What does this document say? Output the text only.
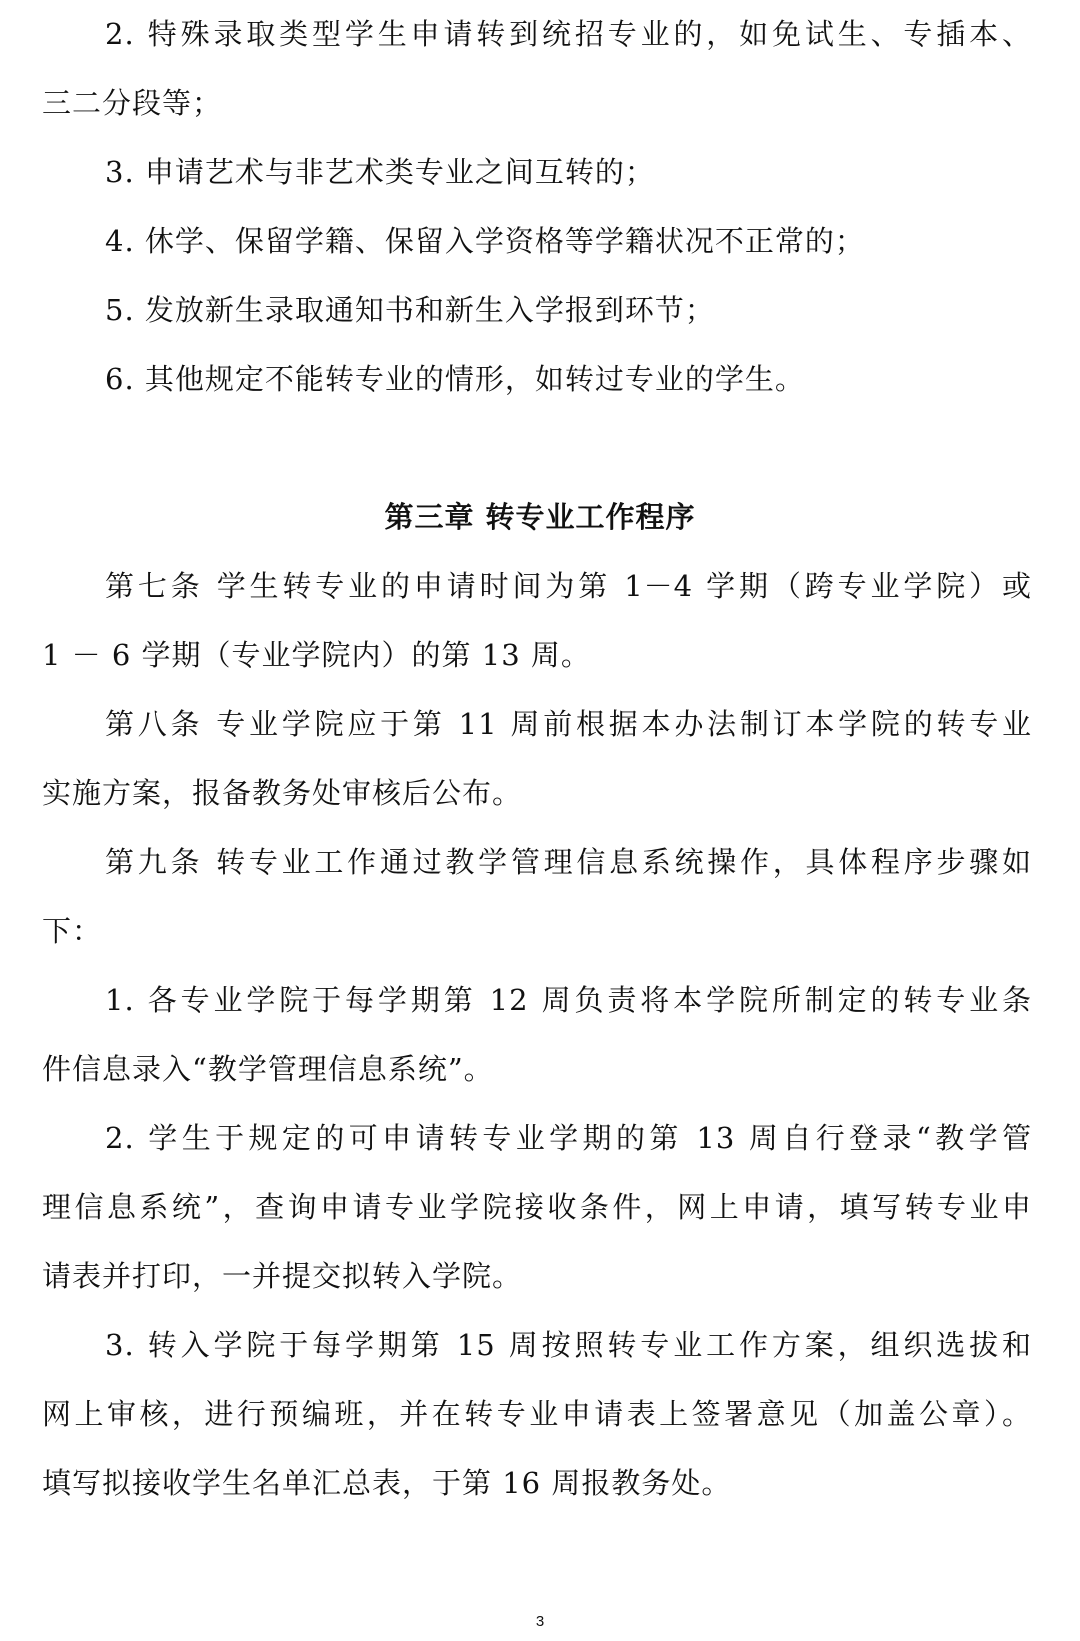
2. 特殊录取类型学生申请转到统招专业的，如免试生、专插本、
三二分段等；
3. 申请艺术与非艺术类专业之间互转的；
4. 休学、保留学籍、保留入学资格等学籍状况不正常的；
5. 发放新生录取通知书和新生入学报到环节；
6. 其他规定不能转专业的情形，如转过专业的学生。
第三章 转专业工作程序
第七条 学生转专业的申请时间为第 1－4 学期（跨专业学院）或
1 － 6 学期（专业学院内）的第 13 周。
第八条 专业学院应于第 11 周前根据本办法制订本学院的转专业
实施方案，报备教务处审核后公布。
第九条 转专业工作通过教学管理信息系统操作，具体程序步骤如
下：
1. 各专业学院于每学期第 12 周负责将本学院所制定的转专业条
件信息录入“教学管理信息系统”。
2. 学生于规定的可申请转专业学期的第 13 周自行登录“教学管
理信息系统”，查询申请专业学院接收条件，网上申请，填写转专业申
请表并打印，一并提交拟转入学院。
3. 转入学院于每学期第 15 周按照转专业工作方案，组织选拔和
网上审核，进行预编班，并在转专业申请表上签署意见（加盖公章）。
填写拟接收学生名单汇总表，于第 16 周报教务处。
3
